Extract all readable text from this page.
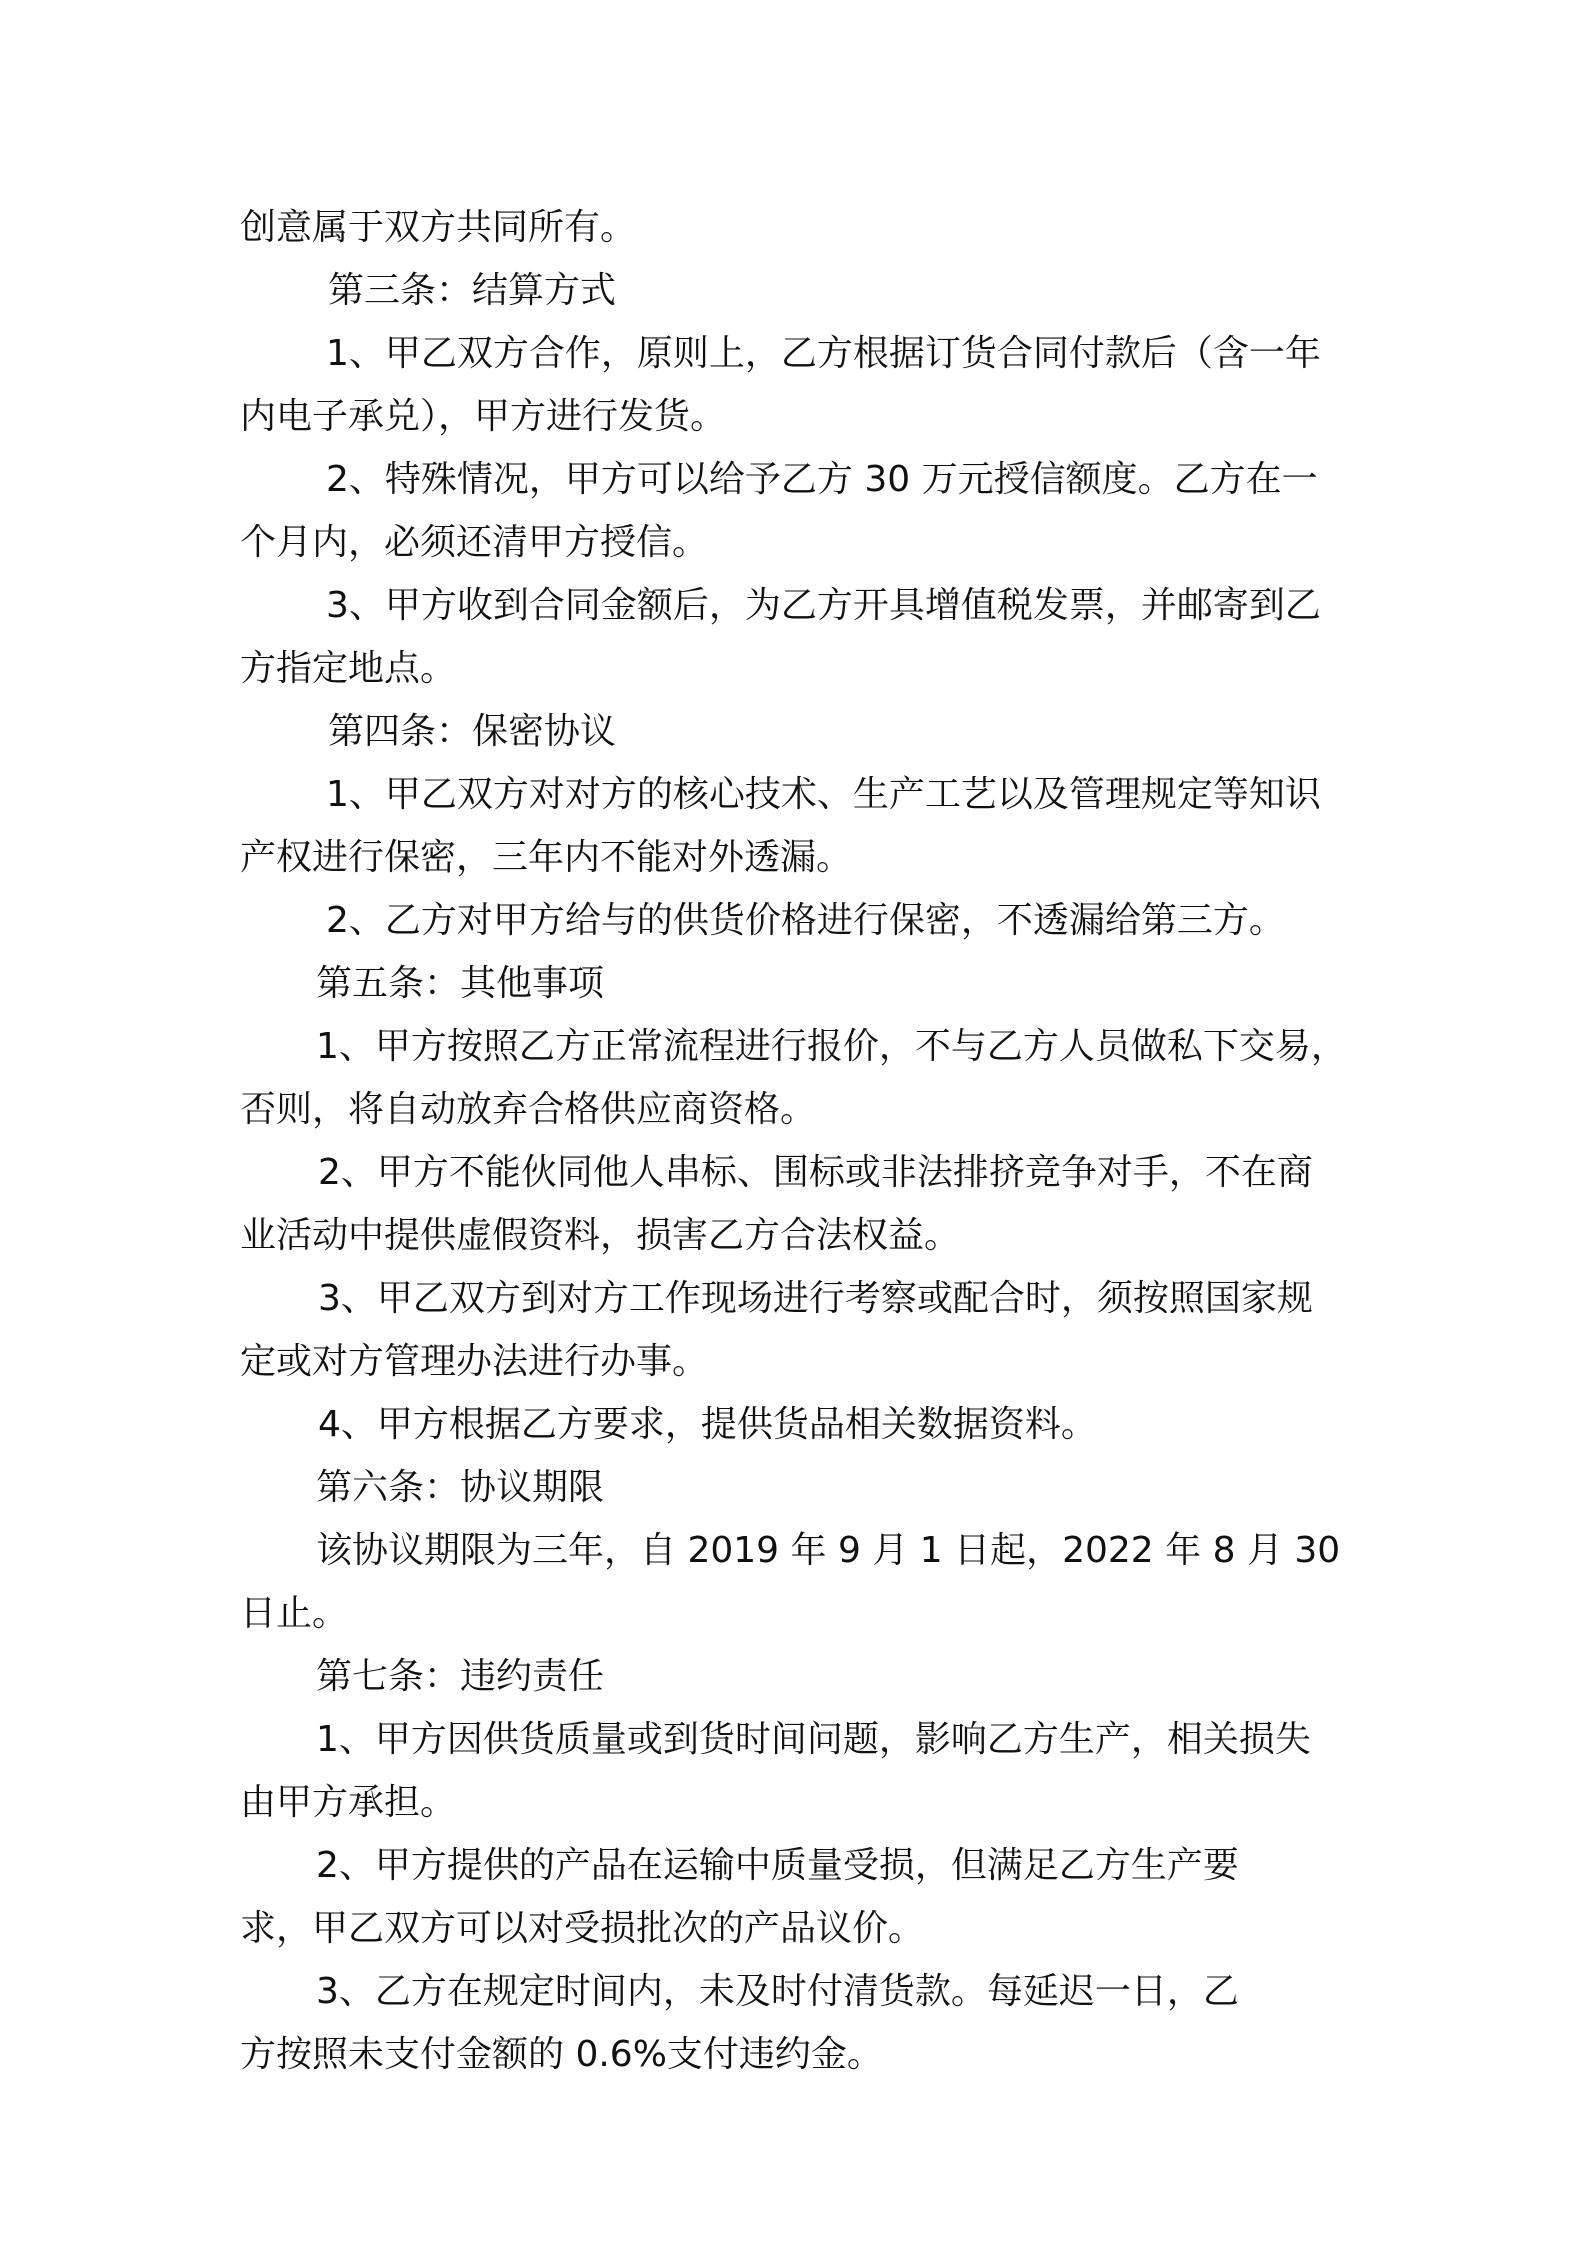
创意属于双方共同所有。

第三条：结算方式

1、甲乙双方合作，原则上，乙方根据订货合同付款后（含一年

内电子承兑），甲方进行发货。

2、特殊情况，甲方可以给予乙方 30 万元授信额度。乙方在一

个月内，必须还清甲方授信。

3、甲方收到合同金额后，为乙方开具增值税发票，并邮寄到乙

方指定地点。

第四条：保密协议

1、甲乙双方对对方的核心技术、生产工艺以及管理规定等知识

产权进行保密，三年内不能对外透漏。

2、乙方对甲方给与的供货价格进行保密，不透漏给第三方。

第五条：其他事项

1、甲方按照乙方正常流程进行报价，不与乙方人员做私下交易，

否则，将自动放弃合格供应商资格。

2、甲方不能伙同他人串标、围标或非法排挤竞争对手，不在商

业活动中提供虚假资料，损害乙方合法权益。

3、甲乙双方到对方工作现场进行考察或配合时，须按照国家规

定或对方管理办法进行办事。

4、甲方根据乙方要求，提供货品相关数据资料。

第六条：协议期限

该协议期限为三年，自 2019 年 9 月 1 日起，2022 年 8 月 30

日止。

第七条：违约责任

1、甲方因供货质量或到货时间问题，影响乙方生产，相关损失

由甲方承担。

2、甲方提供的产品在运输中质量受损，但满足乙方生产要

求，甲乙双方可以对受损批次的产品议价。

3、乙方在规定时间内，未及时付清货款。每延迟一日，乙

方按照未支付金额的 0.6%支付违约金。
